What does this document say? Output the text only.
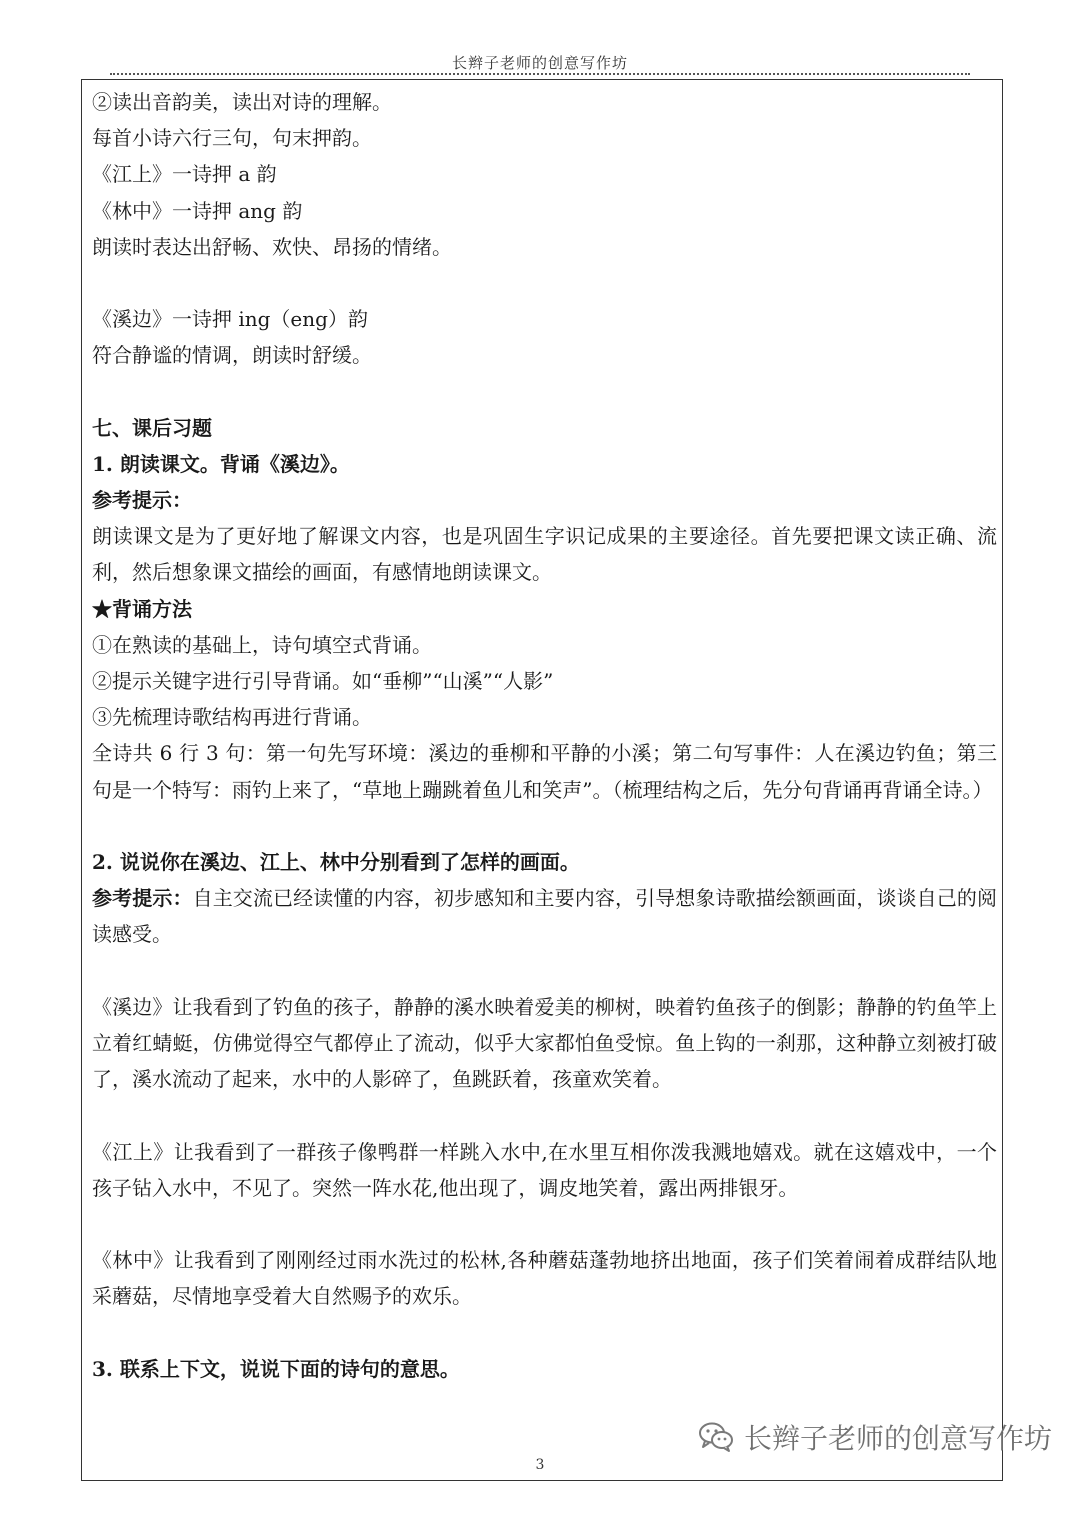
长辫子老师的创意写作坊
②读出音韵美，读出对诗的理解。
每首小诗六行三句，句末押韵。
《江上》一诗押 a 韵
《林中》一诗押 ang 韵
朗读时表达出舒畅、欢快、昂扬的情绪。
《溪边》一诗押 ing（eng）韵
符合静谧的情调，朗读时舒缓。
七、课后习题
1. 朗读课文。背诵《溪边》。
参考提示：
朗读课文是为了更好地了解课文内容，也是巩固生字识记成果的主要途径。首先要把课文读正确、流利，然后想象课文描绘的画面，有感情地朗读课文。
★背诵方法
①在熟读的基础上，诗句填空式背诵。
②提示关键字进行引导背诵。如“垂柳”“山溪”“人影”
③先梳理诗歌结构再进行背诵。
全诗共 6 行 3 句：第一句先写环境：溪边的垂柳和平静的小溪；第二句写事件：人在溪边钓鱼；第三句是一个特写：雨钓上来了，“草地上蹦跳着鱼儿和笑声”。（梳理结构之后，先分句背诵再背诵全诗。）
2. 说说你在溪边、江上、林中分别看到了怎样的画面。
参考提示：自主交流已经读懂的内容，初步感知和主要内容，引导想象诗歌描绘额画面，谈谈自己的阅读感受。
《溪边》让我看到了钓鱼的孩子，静静的溪水映着爱美的柳树，映着钓鱼孩子的倒影；静静的钓鱼竿上立着红蜻蜓，仿佛觉得空气都停止了流动，似乎大家都怕鱼受惊。鱼上钩的一刹那，这种静立刻被打破了，溪水流动了起来，水中的人影碎了，鱼跳跃着，孩童欢笑着。
《江上》让我看到了一群孩子像鸭群一样跳入水中,在水里互相你泼我溅地嬉戏。就在这嬉戏中，一个孩子钻入水中，不见了。突然一阵水花,他出现了，调皮地笑着，露出两排银牙。
《林中》让我看到了刚刚经过雨水洗过的松林,各种蘑菇蓬勃地挤出地面，孩子们笑着闹着成群结队地采蘑菇，尽情地享受着大自然赐予的欢乐。
3. 联系上下文，说说下面的诗句的意思。
3
长辫子老师的创意写作坊
